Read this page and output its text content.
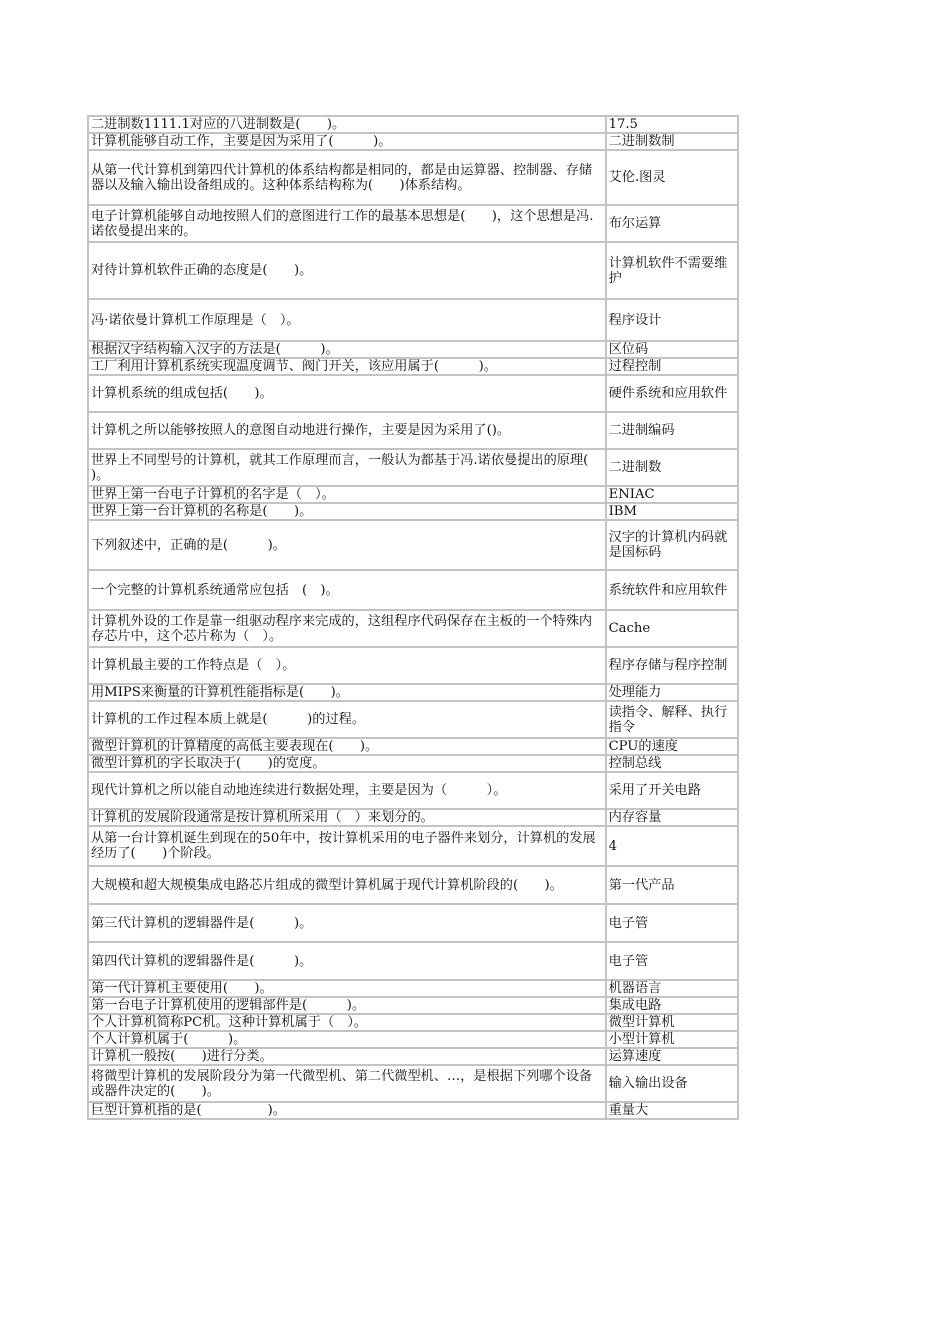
二进制数1111.1对应的八进制数是(　　)。	17.5
计算机能够自动工作，主要是因为采用了(　　　)。	二进制数制
从第一代计算机到第四代计算机的体系结构都是相同的，都是由运算器、控制器、存储器以及输入输出设备组成的。这种体系结构称为(　　)体系结构。	艾伦.图灵
电子计算机能够自动地按照人们的意图进行工作的最基本思想是(　　)，这个思想是冯.诺依曼提出来的。	布尔运算
对待计算机软件正确的态度是(　　)。	计算机软件不需要维护
冯·诺依曼计算机工作原理是（　）。	程序设计
根据汉字结构输入汉字的方法是(　　　)。	区位码
工厂利用计算机系统实现温度调节、阀门开关，该应用属于(　　　)。	过程控制
计算机系统的组成包括(　　)。	硬件系统和应用软件
计算机之所以能够按照人的意图自动地进行操作，主要是因为采用了()。	二进制编码
世界上不同型号的计算机，就其工作原理而言，一般认为都基于冯.诺依曼提出的原理(　　)。	二进制数
世界上第一台电子计算机的名字是（　）。	ENIAC
世界上第一台计算机的名称是(　　)。	IBM
下列叙述中，正确的是(　　　)。	汉字的计算机内码就是国标码
一个完整的计算机系统通常应包括　(　)。	系统软件和应用软件
计算机外设的工作是靠一组驱动程序来完成的，这组程序代码保存在主板的一个特殊内存芯片中，这个芯片称为（　）。	Cache
计算机最主要的工作特点是（　）。	程序存储与程序控制
用MIPS来衡量的计算机性能指标是(　　)。	处理能力
计算机的工作过程本质上就是(　　　)的过程。	读指令、解释、执行指令
微型计算机的计算精度的高低主要表现在(　　)。	CPU的速度
微型计算机的字长取决于(　　)的宽度。	控制总线
现代计算机之所以能自动地连续进行数据处理，主要是因为（　　　）。	采用了开关电路
计算机的发展阶段通常是按计算机所采用（　）来划分的。	内存容量
从第一台计算机诞生到现在的50年中，按计算机采用的电子器件来划分，计算机的发展经历了(　　)个阶段。	4
大规模和超大规模集成电路芯片组成的微型计算机属于现代计算机阶段的(　　)。	第一代产品
第三代计算机的逻辑器件是(　　　)。	电子管
第四代计算机的逻辑器件是(　　　)。	电子管
第一代计算机主要使用(　　)。	机器语言
第一台电子计算机使用的逻辑部件是(　　　)。	集成电路
个人计算机简称PC机。这种计算机属于（　）。	微型计算机
个人计算机属于(　　　)。	小型计算机
计算机一般按(　　)进行分类。	运算速度
将微型计算机的发展阶段分为第一代微型机、第二代微型机、…，是根据下列哪个设备或器件决定的(　　)。	输入输出设备
巨型计算机指的是(　　　　　)。	重量大
